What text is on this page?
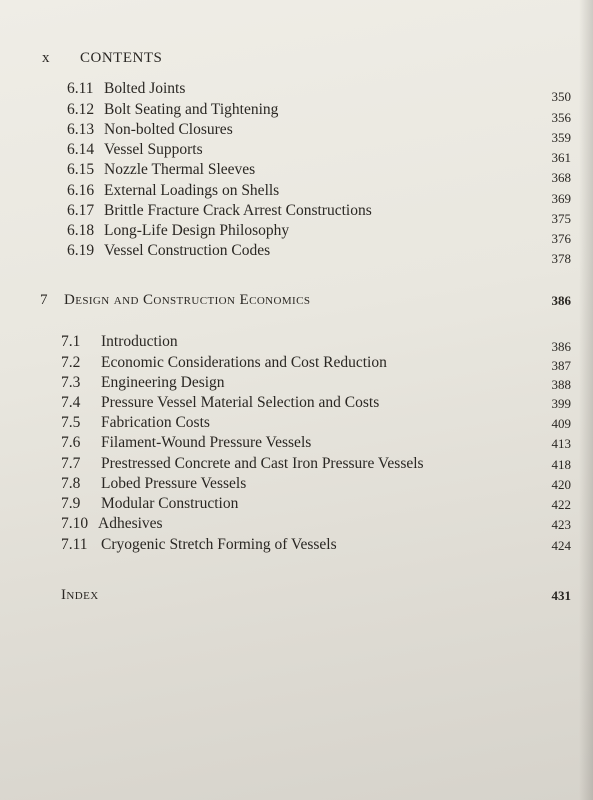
x CONTENTS
6.11 Bolted Joints	350
6.12 Bolt Seating and Tightening	356
6.13 Non-bolted Closures	359
6.14 Vessel Supports	361
6.15 Nozzle Thermal Sleeves	368
6.16 External Loadings on Shells	369
6.17 Brittle Fracture Crack Arrest Constructions	375
6.18 Long-Life Design Philosophy	376
6.19 Vessel Construction Codes	378
7 Design and Construction Economics	386
7.1 Introduction	386
7.2 Economic Considerations and Cost Reduction	387
7.3 Engineering Design	388
7.4 Pressure Vessel Material Selection and Costs	399
7.5 Fabrication Costs	409
7.6 Filament-Wound Pressure Vessels	413
7.7 Prestressed Concrete and Cast Iron Pressure Vessels	418
7.8 Lobed Pressure Vessels	420
7.9 Modular Construction	422
7.10 Adhesives	423
7.11 Cryogenic Stretch Forming of Vessels	424
Index	431
